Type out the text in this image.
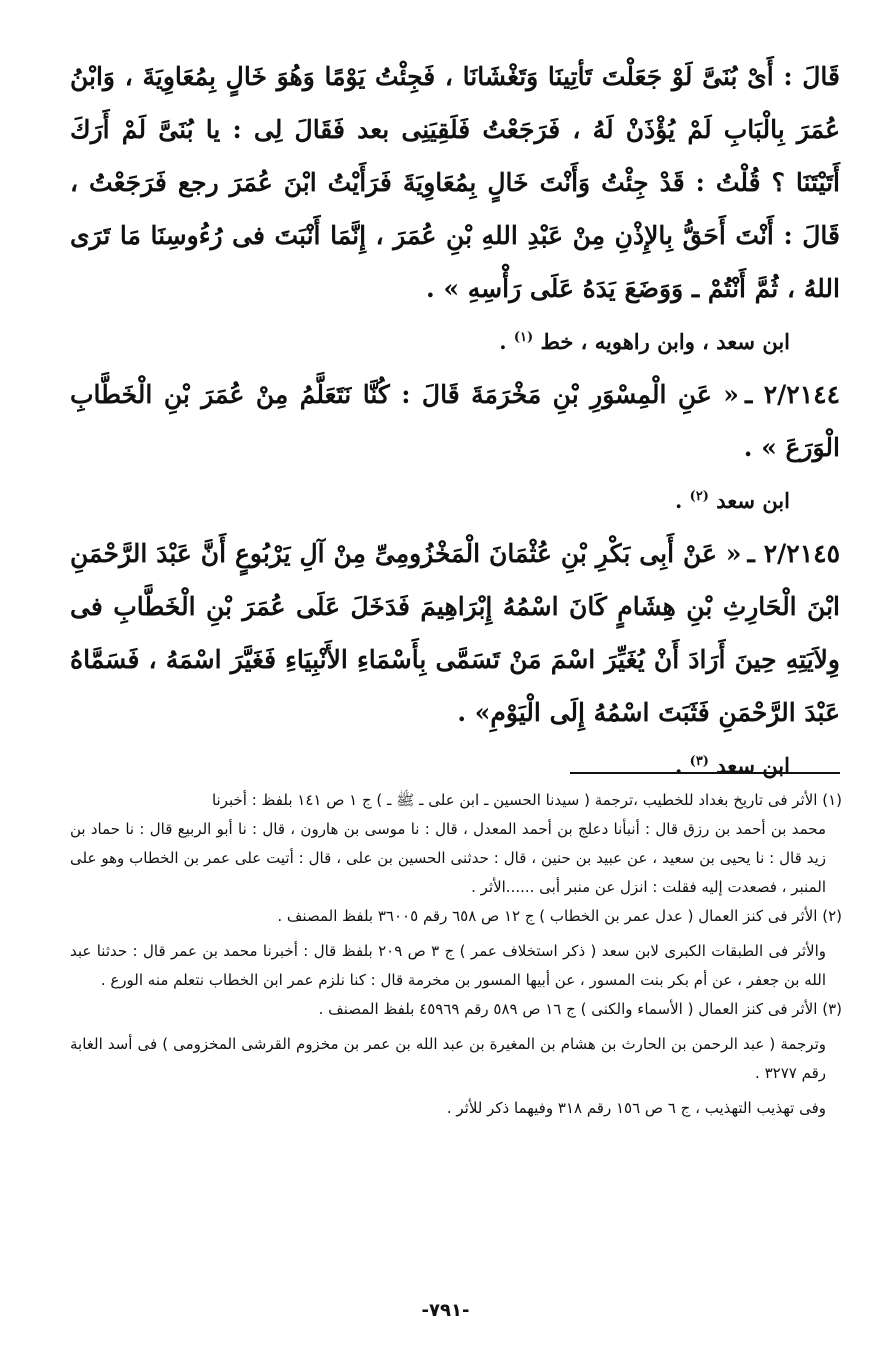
قَالَ : أَىْ بُنَىَّ لَوْ جَعَلْتَ تَأتِينَا وَتَغْشَانَا ، فَجِئْتُ يَوْمًا وَهُوَ خَالٍ بِمُعَاوِيَةَ ، وَابْنُ عُمَرَ بِالْبَابِ لَمْ يُؤْذَنْ لَهُ ، فَرَجَعْتُ فَلَقِيَنِى بعد فَقَالَ لِى : يا بُنَىَّ لَمْ أَرَكَ أَتَيْتَنَا ؟ قُلْتُ : قَدْ جِئْتُ وَأَنْتَ خَالٍ بِمُعَاوِيَةَ فَرَأَيْتُ ابْنَ عُمَرَ رجع فَرَجَعْتُ ، قَالَ : أَنْتَ أَحَقُّ بِالإِذْنِ مِنْ عَبْدِ اللهِ بْنِ عُمَرَ ، إِنَّمَا أَنْبَتَ فى رُءُوسِنَا مَا تَرَى اللهُ ، ثُمَّ أَنْتُمْ ـ وَوَضَعَ يَدَهُ عَلَى رَأْسِهِ » .

ابن سعد ، وابن راهويه ، خط $^{(١)}$ .

٢/٢١٤٤ ـ« عَنِ الْمِسْوَرِ بْنِ مَخْرَمَةَ قَالَ : كُنَّا نَتَعَلَّمُ مِنْ عُمَرَ بْنِ الْخَطَّابِ الْوَرَعَ » .

ابن سعد $^{(٢)}$ .

٢/٢١٤٥ ـ« عَنْ أَبِى بَكْرِ بْنِ عُثْمَانَ الْمَخْزُومِىِّ مِنْ آلِ يَرْبُوعٍ أَنَّ عَبْدَ الرَّحْمَنِ ابْنَ الْحَارِثِ بْنِ هِشَامٍ كَانَ اسْمُهُ إِبْرَاهِيمَ فَدَخَلَ عَلَى عُمَرَ بْنِ الْخَطَّابِ فى وِلاَيَتِهِ حِينَ أَرَادَ أَنْ يُغَيِّرَ اسْمَ مَنْ تَسَمَّى بِأَسْمَاءِ الأَنْبِيَاءِ فَغَيَّرَ اسْمَهُ ، فَسَمَّاهُ عَبْدَ الرَّحْمَنِ فَثَبَتَ اسْمُهُ إِلَى الْيَوْمِ» .

ابن سعد $^{(٣)}$ .

(١) الأثر فى تاريخ بغداد للخطيب ،ترجمة ( سيدنا الحسين ـ ابن على ـ ﷺ ـ ) ج ١ ص ١٤١ بلفظ : أخبرنا
محمد بن أحمد بن رزق قال : أنبأنا دعلج بن أحمد المعدل ، قال : نا موسى بن هارون ، قال : نا أبو الربيع قال : نا حماد بن زيد قال : نا يحيى بن سعيد ، عن عبيد بن حنين ، قال : حدثنى الحسين بن على ، قال : أتيت على عمر بن الخطاب وهو على المنبر ، فصعدت إليه فقلت : انزل عن منبر أبى ......الأثر .
(٢) الأثر فى كنز العمال ( عدل عمر بن الخطاب ) ج ١٢ ص ٦٥٨ رقم ٣٦٠٠٥ بلفظ المصنف .
والأثر فى الطبقات الكبرى لابن سعد ( ذكر استخلاف عمر ) ج ٣ ص ٢٠٩ بلفظ قال : أخبرنا محمد بن عمر قال : حدثنا عبد الله بن جعفر ، عن أم بكر بنت المسور ، عن أبيها المسور بن مخرمة قال : كنا نلزم عمر ابن الخطاب نتعلم منه الورع .
(٣) الأثر فى كنز العمال ( الأسماء والكنى ) ج ١٦ ص ٥٨٩ رقم ٤٥٩٦٩ بلفظ المصنف .
وترجمة ( عبد الرحمن بن الحارث بن هشام بن المغيرة بن عبد الله بن عمر بن مخزوم القرشى المخزومى ) فى أسد الغابة رقم ٣٢٧٧ .
وفى تهذيب التهذيب ، ج ٦ ص ١٥٦ رقم ٣١٨ وفيهما ذكر للأثر .
-٧٩١-
